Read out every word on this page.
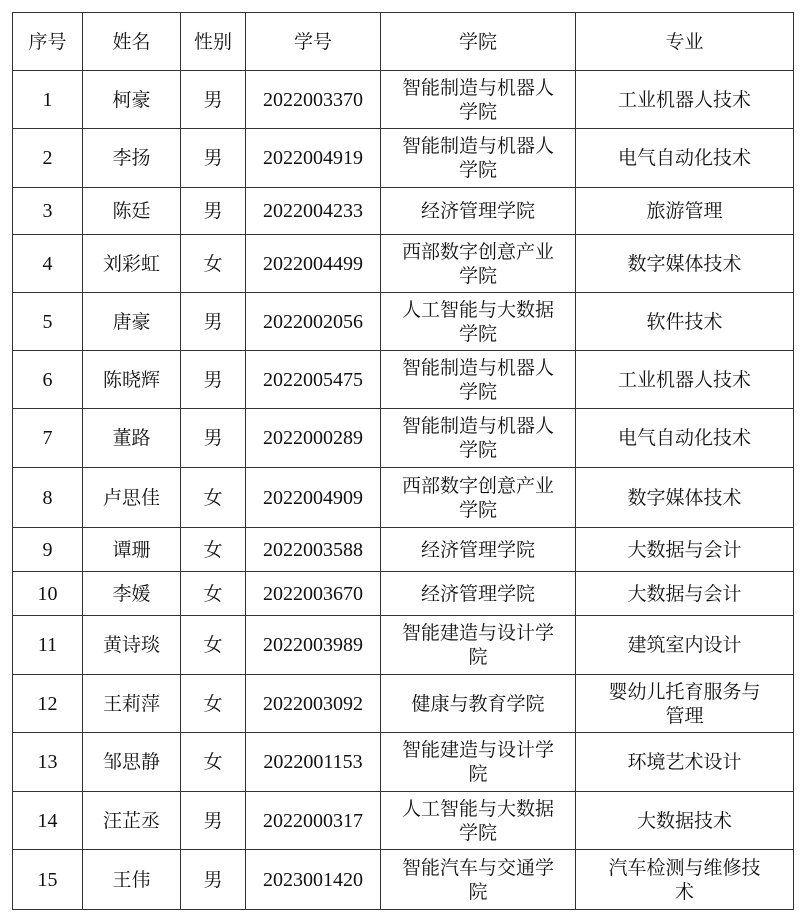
序号	姓名	性别	学号	学院	专业

1	柯豪	男	2022003370	智能制造与机器人学院	工业机器人技术

2	李扬	男	2022004919	智能制造与机器人学院	电气自动化技术

3	陈廷	男	2022004233	经济管理学院	旅游管理

4	刘彩虹	女	2022004499	西部数字创意产业学院	数字媒体技术

5	唐豪	男	2022002056	人工智能与大数据学院	软件技术

6	陈晓辉	男	2022005475	智能制造与机器人学院	工业机器人技术

7	董路	男	2022000289	智能制造与机器人学院	电气自动化技术

8	卢思佳	女	2022004909	西部数字创意产业学院	数字媒体技术

9	谭珊	女	2022003588	经济管理学院	大数据与会计

10	李媛	女	2022003670	经济管理学院	大数据与会计

11	黄诗琰	女	2022003989	智能建造与设计学院	建筑室内设计

12	王莉萍	女	2022003092	健康与教育学院	婴幼儿托育服务与管理

13	邹思静	女	2022001153	智能建造与设计学院	环境艺术设计

14	汪芷丞	男	2022000317	人工智能与大数据学院	大数据技术

15	王伟	男	2023001420	智能汽车与交通学院	汽车检测与维修技术
